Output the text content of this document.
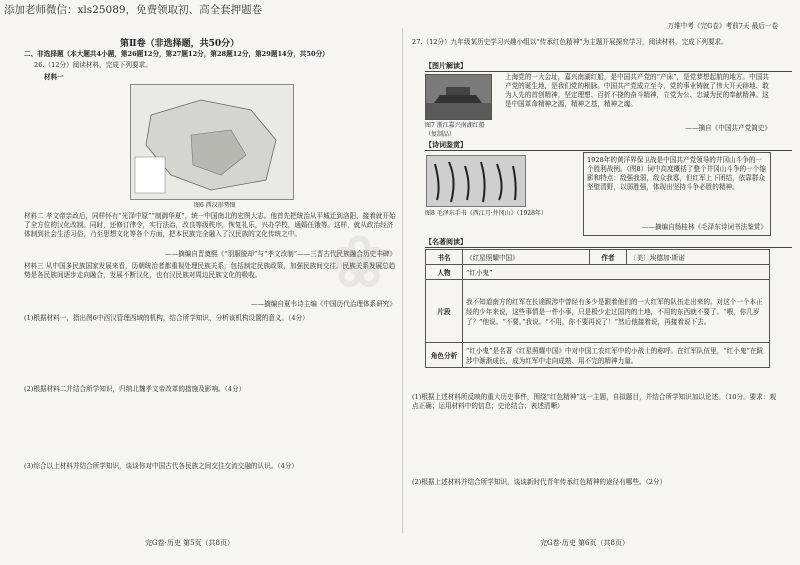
添加老师微信：xls25089，免费领取初、高全套押题卷
万维中考《完G卷》考前7天 最后一卷
❀
第Ⅱ卷（非选择题，共50分）
二、非选择题（本大题共4小题，第26题12分，第27题12分，第28题12分，第29题14分，共50分）
26.（12分）阅读材料，完成下列要求。
材料一
图6 西汉形势图
材料二 孝文帝亲政后，同样怀有“光泽中原”“制御华夏”，统一中国南北的宏图大志。他首先把统治从平城迁到洛阳，接着就开始了全方位的汉化改制。同时，还修订律令，实行法治，改良等级秩序，恢复礼乐，兴办学校，通婚任饿等。这样，就从政治经济体制到社会生活习俗，乃至思想文化等各个方面，把本民族完全融入了汉民族的文化传统之中。
——摘编自晋奠熙《“羽服脱却”与“孝文改制”——三晋古代民族融合历史丰碑》
材料三 从中国多民族国家发展来看，历朝统治者都重视处理民族关系，包括制定民族政策，加强民族间交往。民族关系发展总趋势是各民族间逐步走向融合，发展不断汉化，也有汉民族对周边民族文化的吸收。
——摘编自夏韦诗主编《中国历代治理体系研究》
(1)根据材料一，指出图6中西汉管理西域的机构，结合所学知识，分析该机构设置的意义。（4分）
(2)根据材料二并结合所学知识，归纳北魏孝文帝改革的措施及影响。（4分）
(3)综合以上材料并结合所学知识，谈谈你对中国古代各民族之间交往交流交融的认识。（4分）
完G卷·历史 第5页（共8页）
27.（12分）九年级某历史学习兴趣小组以“传承红色精神”为主题开展探究学习，阅读材料，完成下列要求。
【图片解读】
图7 浙江嘉兴南湖红船（复制品）
上海党的一大会址，嘉兴南湖红船，是中国共产党的“产床”，是党梦想起航的地方。中国共产党的诞生地，是我们党的根脉。中国共产党成立至今，党的事业铸就了伟大开天辟地、敢为人先的首创精神，坚定理想、百折不挠的奋斗精神，立党为公、忠诚为民的奉献精神。这是中国革命精神之源，精神之基，精神之魂。
——摘自《中国共产党简史》
【诗词鉴赏】
图8 毛泽东手书《西江月·井冈山》（1928年）
1928年的黄洋界保卫战是中国共产党领导的井冈山斗争的一个胜利战例。（图8）词中高度概括了整个井冈山斗争的一个缩影和特点：敌强我弱，敌众我寡，但红军上下团结，依靠群众坚壁清野，以弱胜强，体现出坚持斗争必胜的精神。
——摘编自杨桂林《毛泽东诗词书法鉴赏》
【名著阅读】
书名	《红星照耀中国》	作者	〔美〕埃德加·斯诺
人物	“红小鬼”		
片段	我不知道南方的红军在长途跋涉中曾经有多少是跟着他们的一大红军的队伍走出来的。对这个一个本正经的少年来说，这些事情是一件小事，只是极少走过国内的土地，不用的东西就不要了。“喂，你几岁了？”他说。“不要。”我说。“不用，你不要再说了！”然后他接着说，再接着说下去。		
角色分析	“红小鬼”是名著《红星照耀中国》中对中国工农红军中的小战士的称呼。在红军队伍里，“红小鬼”在跋涉中渐渐成长，成为红军中走向成熟、用不完的精神力量。		
(1)根据上述材料所反映的重大历史事件，围绕“红色精神”这一主题，自拟题目，并结合所学知识加以论述。（10分。要求：观点正确；运用材料中的信息；史论结合；表述清晰）
(2)根据上述材料并结合所学知识，谈谈新时代青年传承红色精神的途径有哪些。（2分）
完G卷·历史 第6页（共8页）
